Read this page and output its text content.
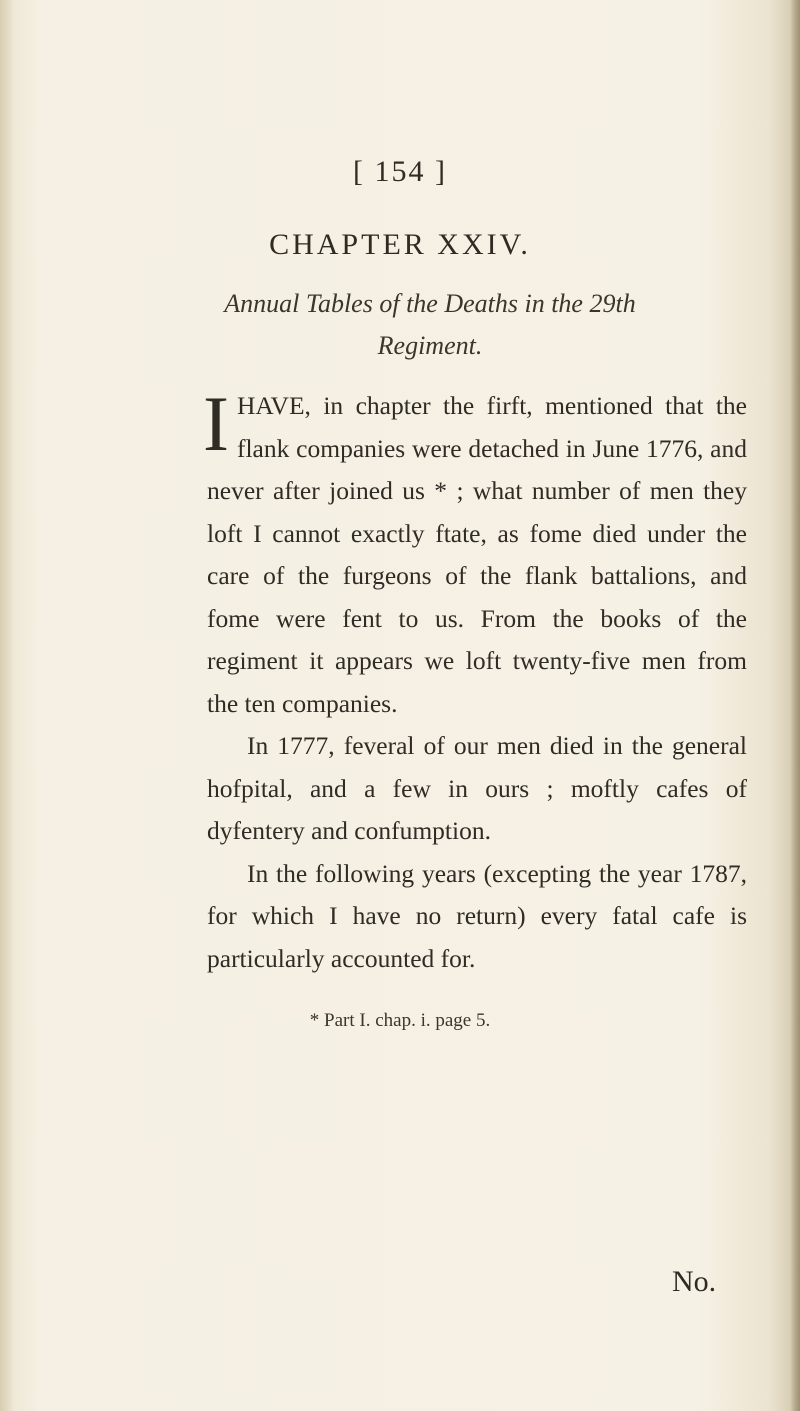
[ 154 ]
CHAPTER XXIV.
Annual Tables of the Deaths in the 29th
Regiment.

I HAVE, in chapter the firft, mentioned that the flank companies were detached in June 1776, and never after joined us * ; what number of men they loft I cannot exactly ftate, as fome died under the care of the furgeons of the flank battalions, and fome were fent to us. From the books of the regiment it appears we loft twenty-five men from the ten companies.

In 1777, feveral of our men died in the general hofpital, and a few in ours ; moftly cafes of dyfentery and confumption.

In the following years (excepting the year 1787, for which I have no return) every fatal cafe is particularly accounted for.

* Part I. chap. i. page 5.
No.
